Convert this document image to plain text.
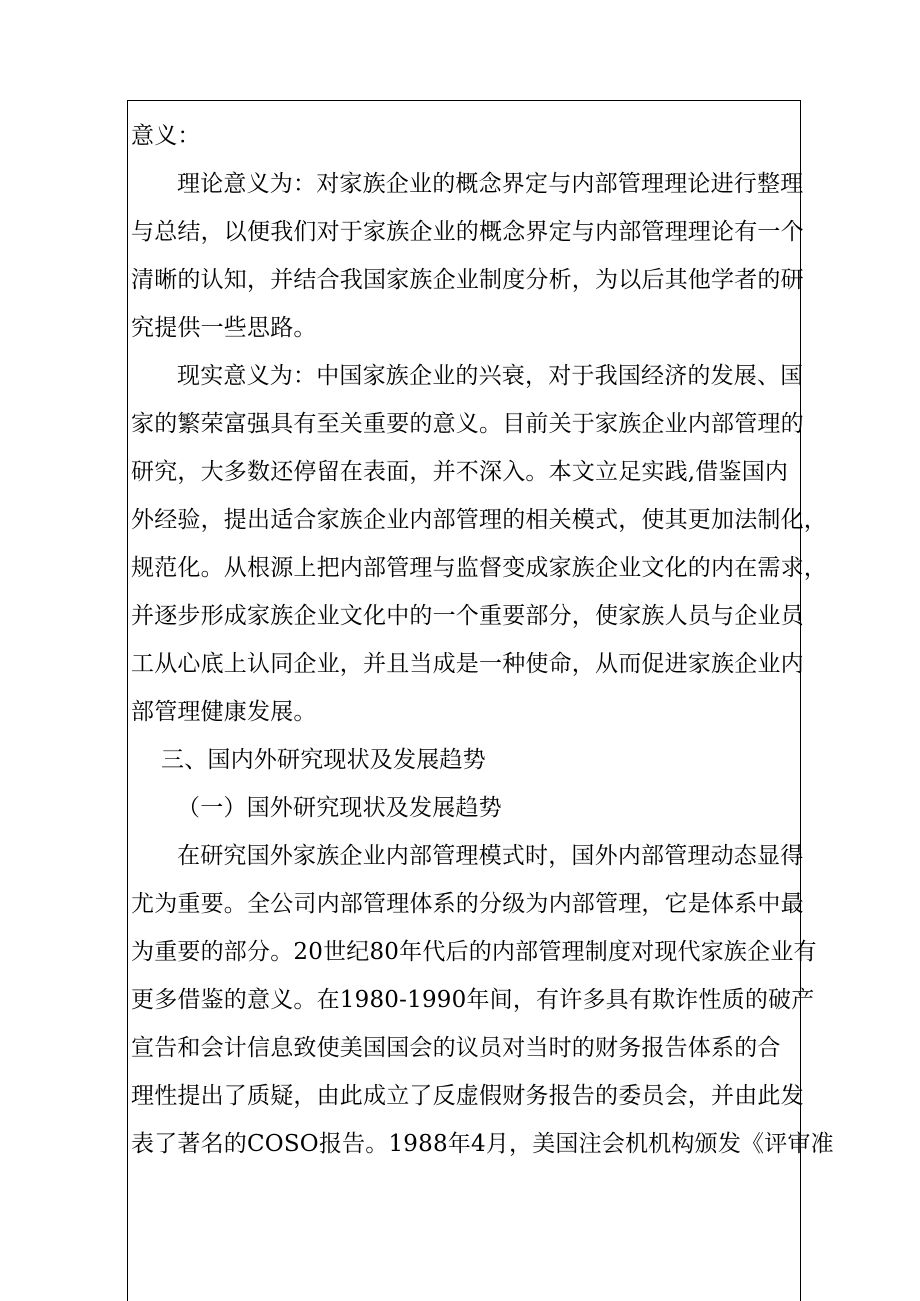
意义：
理论意义为：对家族企业的概念界定与内部管理理论进行整理
与总结，以便我们对于家族企业的概念界定与内部管理理论有一个
清晰的认知，并结合我国家族企业制度分析，为以后其他学者的研
究提供一些思路。
现实意义为：中国家族企业的兴衰，对于我国经济的发展、国
家的繁荣富强具有至关重要的意义。目前关于家族企业内部管理的
研究，大多数还停留在表面，并不深入。本文立足实践,借鉴国内
外经验，提出适合家族企业内部管理的相关模式，使其更加法制化，
规范化。从根源上把内部管理与监督变成家族企业文化的内在需求，
并逐步形成家族企业文化中的一个重要部分，使家族人员与企业员
工从心底上认同企业，并且当成是一种使命，从而促进家族企业内
部管理健康发展。
三、国内外研究现状及发展趋势
（一）国外研究现状及发展趋势
在研究国外家族企业内部管理模式时，国外内部管理动态显得
尤为重要。全公司内部管理体系的分级为内部管理，它是体系中最
为重要的部分。20世纪80年代后的内部管理制度对现代家族企业有
更多借鉴的意义。在1980-1990年间，有许多具有欺诈性质的破产
宣告和会计信息致使美国国会的议员对当时的财务报告体系的合
理性提出了质疑，由此成立了反虚假财务报告的委员会，并由此发
表了著名的COSO报告。1988年4月，美国注会机机构颁发《评审准
